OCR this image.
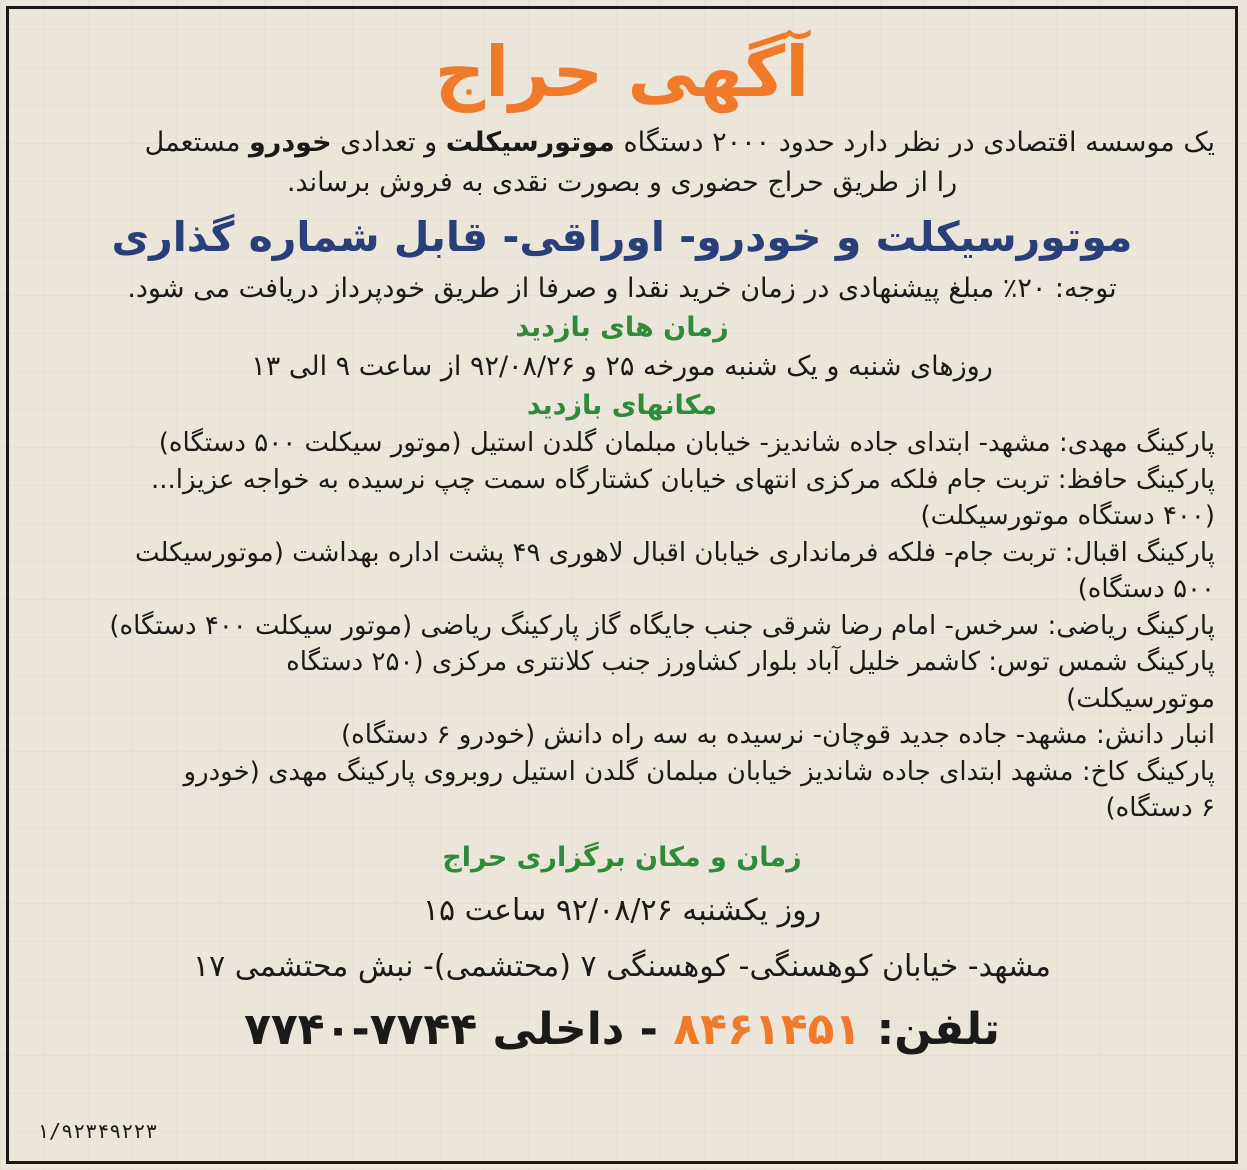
آگهی حراج
یک موسسه اقتصادی در نظر دارد حدود ۲۰۰۰ دستگاه موتورسیکلت و تعدادی خودرو مستعمل
را از طریق حراج حضوری و بصورت نقدی به فروش برساند.
موتورسیکلت و خودرو- اوراقی- قابل شماره گذاری
توجه: ۲۰٪ مبلغ پیشنهادی در زمان خرید نقدا و صرفا از طریق خودپرداز دریافت می شود.
زمان های بازدید
روزهای شنبه و یک شنبه مورخه ۲۵ و ۹۲/۰۸/۲۶ از ساعت ۹ الی ۱۳
مکانهای بازدید
پارکینگ مهدی: مشهد- ابتدای جاده شاندیز- خیابان مبلمان گلدن استیل (موتور سیکلت ۵۰۰ دستگاه)
پارکینگ حافظ: تربت جام فلکه مرکزی انتهای خیابان کشتارگاه سمت چپ نرسیده به خواجه عزیزا...
(۴۰۰ دستگاه موتورسیکلت)
پارکینگ اقبال: تربت جام- فلکه فرمانداری خیابان اقبال لاهوری ۴۹ پشت اداره بهداشت (موتورسیکلت
۵۰۰ دستگاه)
پارکینگ ریاضی: سرخس- امام رضا شرقی جنب جایگاه گاز پارکینگ ریاضی (موتور سیکلت ۴۰۰ دستگاه)
پارکینگ شمس توس: کاشمر خلیل آباد بلوار کشاورز جنب کلانتری مرکزی (۲۵۰ دستگاه
موتورسیکلت)
انبار دانش: مشهد- جاده جدید قوچان- نرسیده به سه راه دانش (خودرو ۶ دستگاه)
پارکینگ کاخ: مشهد ابتدای جاده شاندیز خیابان مبلمان گلدن استیل روبروی پارکینگ مهدی (خودرو
۶ دستگاه)
زمان و مکان برگزاری حراج
روز یکشنبه ۹۲/۰۸/۲۶ ساعت ۱۵
مشهد- خیابان کوهسنگی- کوهسنگی ۷ (محتشمی)- نبش محتشمی ۱۷
تلفن: ۸۴۶۱۴۵۱ - داخلی ۷۷۴۴-۷۷۴۰
۱/۹۲۳۴۹۲۲۳
